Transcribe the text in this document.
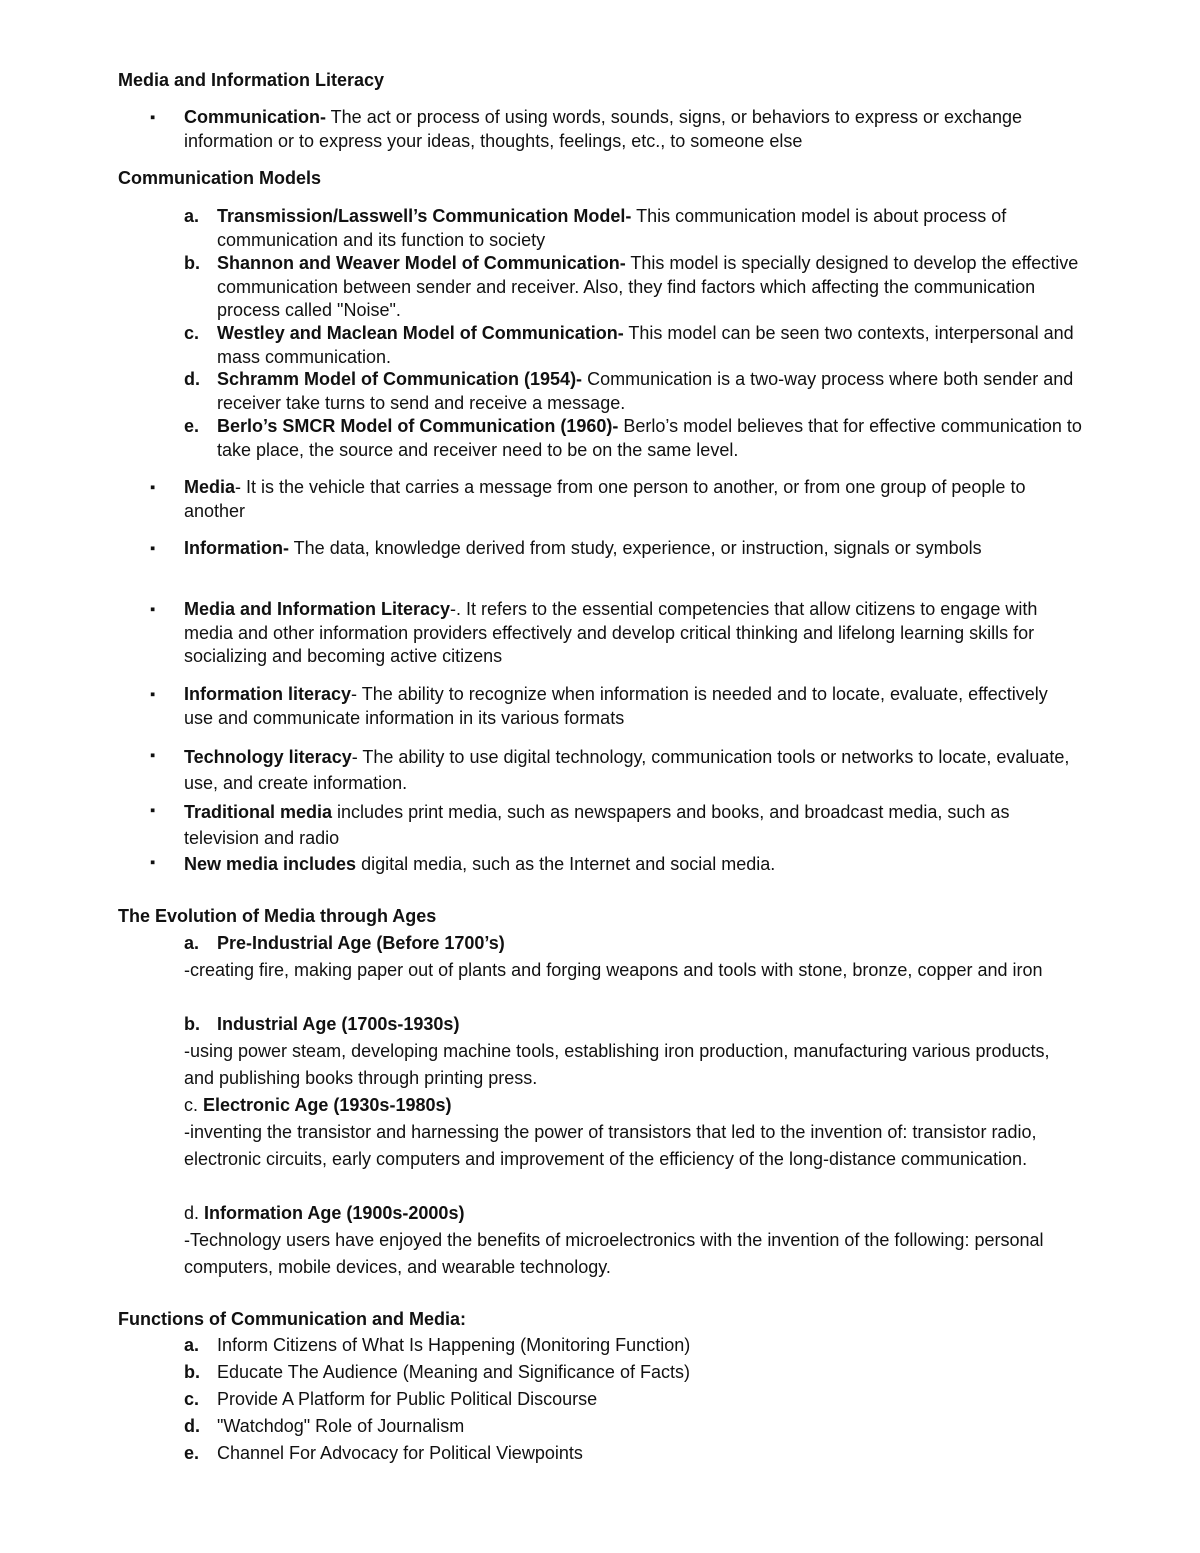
Media and Information Literacy
▪ Communication- The act or process of using words, sounds, signs, or behaviors to express or exchange information or to express your ideas, thoughts, feelings, etc., to someone else
Communication Models
a. Transmission/Lasswell’s Communication Model- This communication model is about process of communication and its function to society
b. Shannon and Weaver Model of Communication- This model is specially designed to develop the effective communication between sender and receiver. Also, they find factors which affecting the communication process called "Noise".
c. Westley and Maclean Model of Communication- This model can be seen two contexts, interpersonal and mass communication.
d. Schramm Model of Communication (1954)- Communication is a two-way process where both sender and receiver take turns to send and receive a message.
e. Berlo’s SMCR Model of Communication (1960)- Berlo’s model believes that for effective communication to take place, the source and receiver need to be on the same level.
▪ Media- It is the vehicle that carries a message from one person to another, or from one group of people to another
▪ Information- The data, knowledge derived from study, experience, or instruction, signals or symbols
▪ Media and Information Literacy-. It refers to the essential competencies that allow citizens to engage with media and other information providers effectively and develop critical thinking and lifelong learning skills for socializing and becoming active citizens
▪ Information literacy- The ability to recognize when information is needed and to locate, evaluate, effectively use and communicate information in its various formats
▪ Technology literacy- The ability to use digital technology, communication tools or networks to locate, evaluate, use, and create information.
▪ Traditional media includes print media, such as newspapers and books, and broadcast media, such as television and radio
▪ New media includes digital media, such as the Internet and social media.
The Evolution of Media through Ages
a. Pre-Industrial Age (Before 1700’s)
-creating fire, making paper out of plants and forging weapons and tools with stone, bronze, copper and iron
b. Industrial Age (1700s-1930s)
-using power steam, developing machine tools, establishing iron production, manufacturing various products, and publishing books through printing press.
c. Electronic Age (1930s-1980s)
-inventing the transistor and harnessing the power of transistors that led to the invention of: transistor radio, electronic circuits, early computers and improvement of the efficiency of the long-distance communication.
d. Information Age (1900s-2000s)
-Technology users have enjoyed the benefits of microelectronics with the invention of the following: personal computers, mobile devices, and wearable technology.
Functions of Communication and Media:
a. Inform Citizens of What Is Happening (Monitoring Function)
b. Educate The Audience (Meaning and Significance of Facts)
c. Provide A Platform for Public Political Discourse
d. "Watchdog" Role of Journalism
e. Channel For Advocacy for Political Viewpoints
